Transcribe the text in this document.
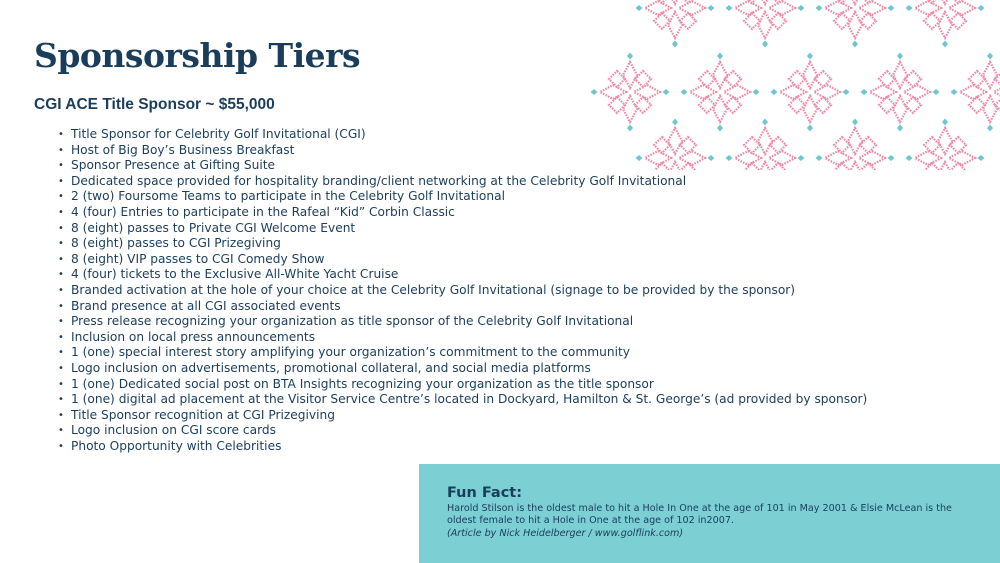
Sponsorship Tiers
CGI ACE Title Sponsor ~ $55,000
• Title Sponsor for Celebrity Golf Invitational (CGI)
• Host of Big Boy’s Business Breakfast
• Sponsor Presence at Gifting Suite
• Dedicated space provided for hospitality branding/client networking at the Celebrity Golf Invitational
• 2 (two) Foursome Teams to participate in the Celebrity Golf Invitational
• 4 (four) Entries to participate in the Rafeal “Kid” Corbin Classic
• 8 (eight) passes to Private CGI Welcome Event
• 8 (eight) passes to CGI Prizegiving
• 8 (eight) VIP passes to CGI Comedy Show
• 4 (four) tickets to the Exclusive All-White Yacht Cruise
• Branded activation at the hole of your choice at the Celebrity Golf Invitational (signage to be provided by the sponsor)
• Brand presence at all CGI associated events
• Press release recognizing your organization as title sponsor of the Celebrity Golf Invitational
• Inclusion on local press announcements
• 1 (one) special interest story amplifying your organization’s commitment to the community
• Logo inclusion on advertisements, promotional collateral, and social media platforms
• 1 (one) Dedicated social post on BTA Insights recognizing your organization as the title sponsor
• 1 (one) digital ad placement at the Visitor Service Centre’s located in Dockyard, Hamilton & St. George’s (ad provided by sponsor)
• Title Sponsor recognition at CGI Prizegiving
• Logo inclusion on CGI score cards
• Photo Opportunity with Celebrities
Fun Fact:
Harold Stilson is the oldest male to hit a Hole In One at the age of 101 in May 2001 & Elsie McLean is the oldest female to hit a Hole in One at the age of 102 in2007.
(Article by Nick Heidelberger / www.golflink.com)
